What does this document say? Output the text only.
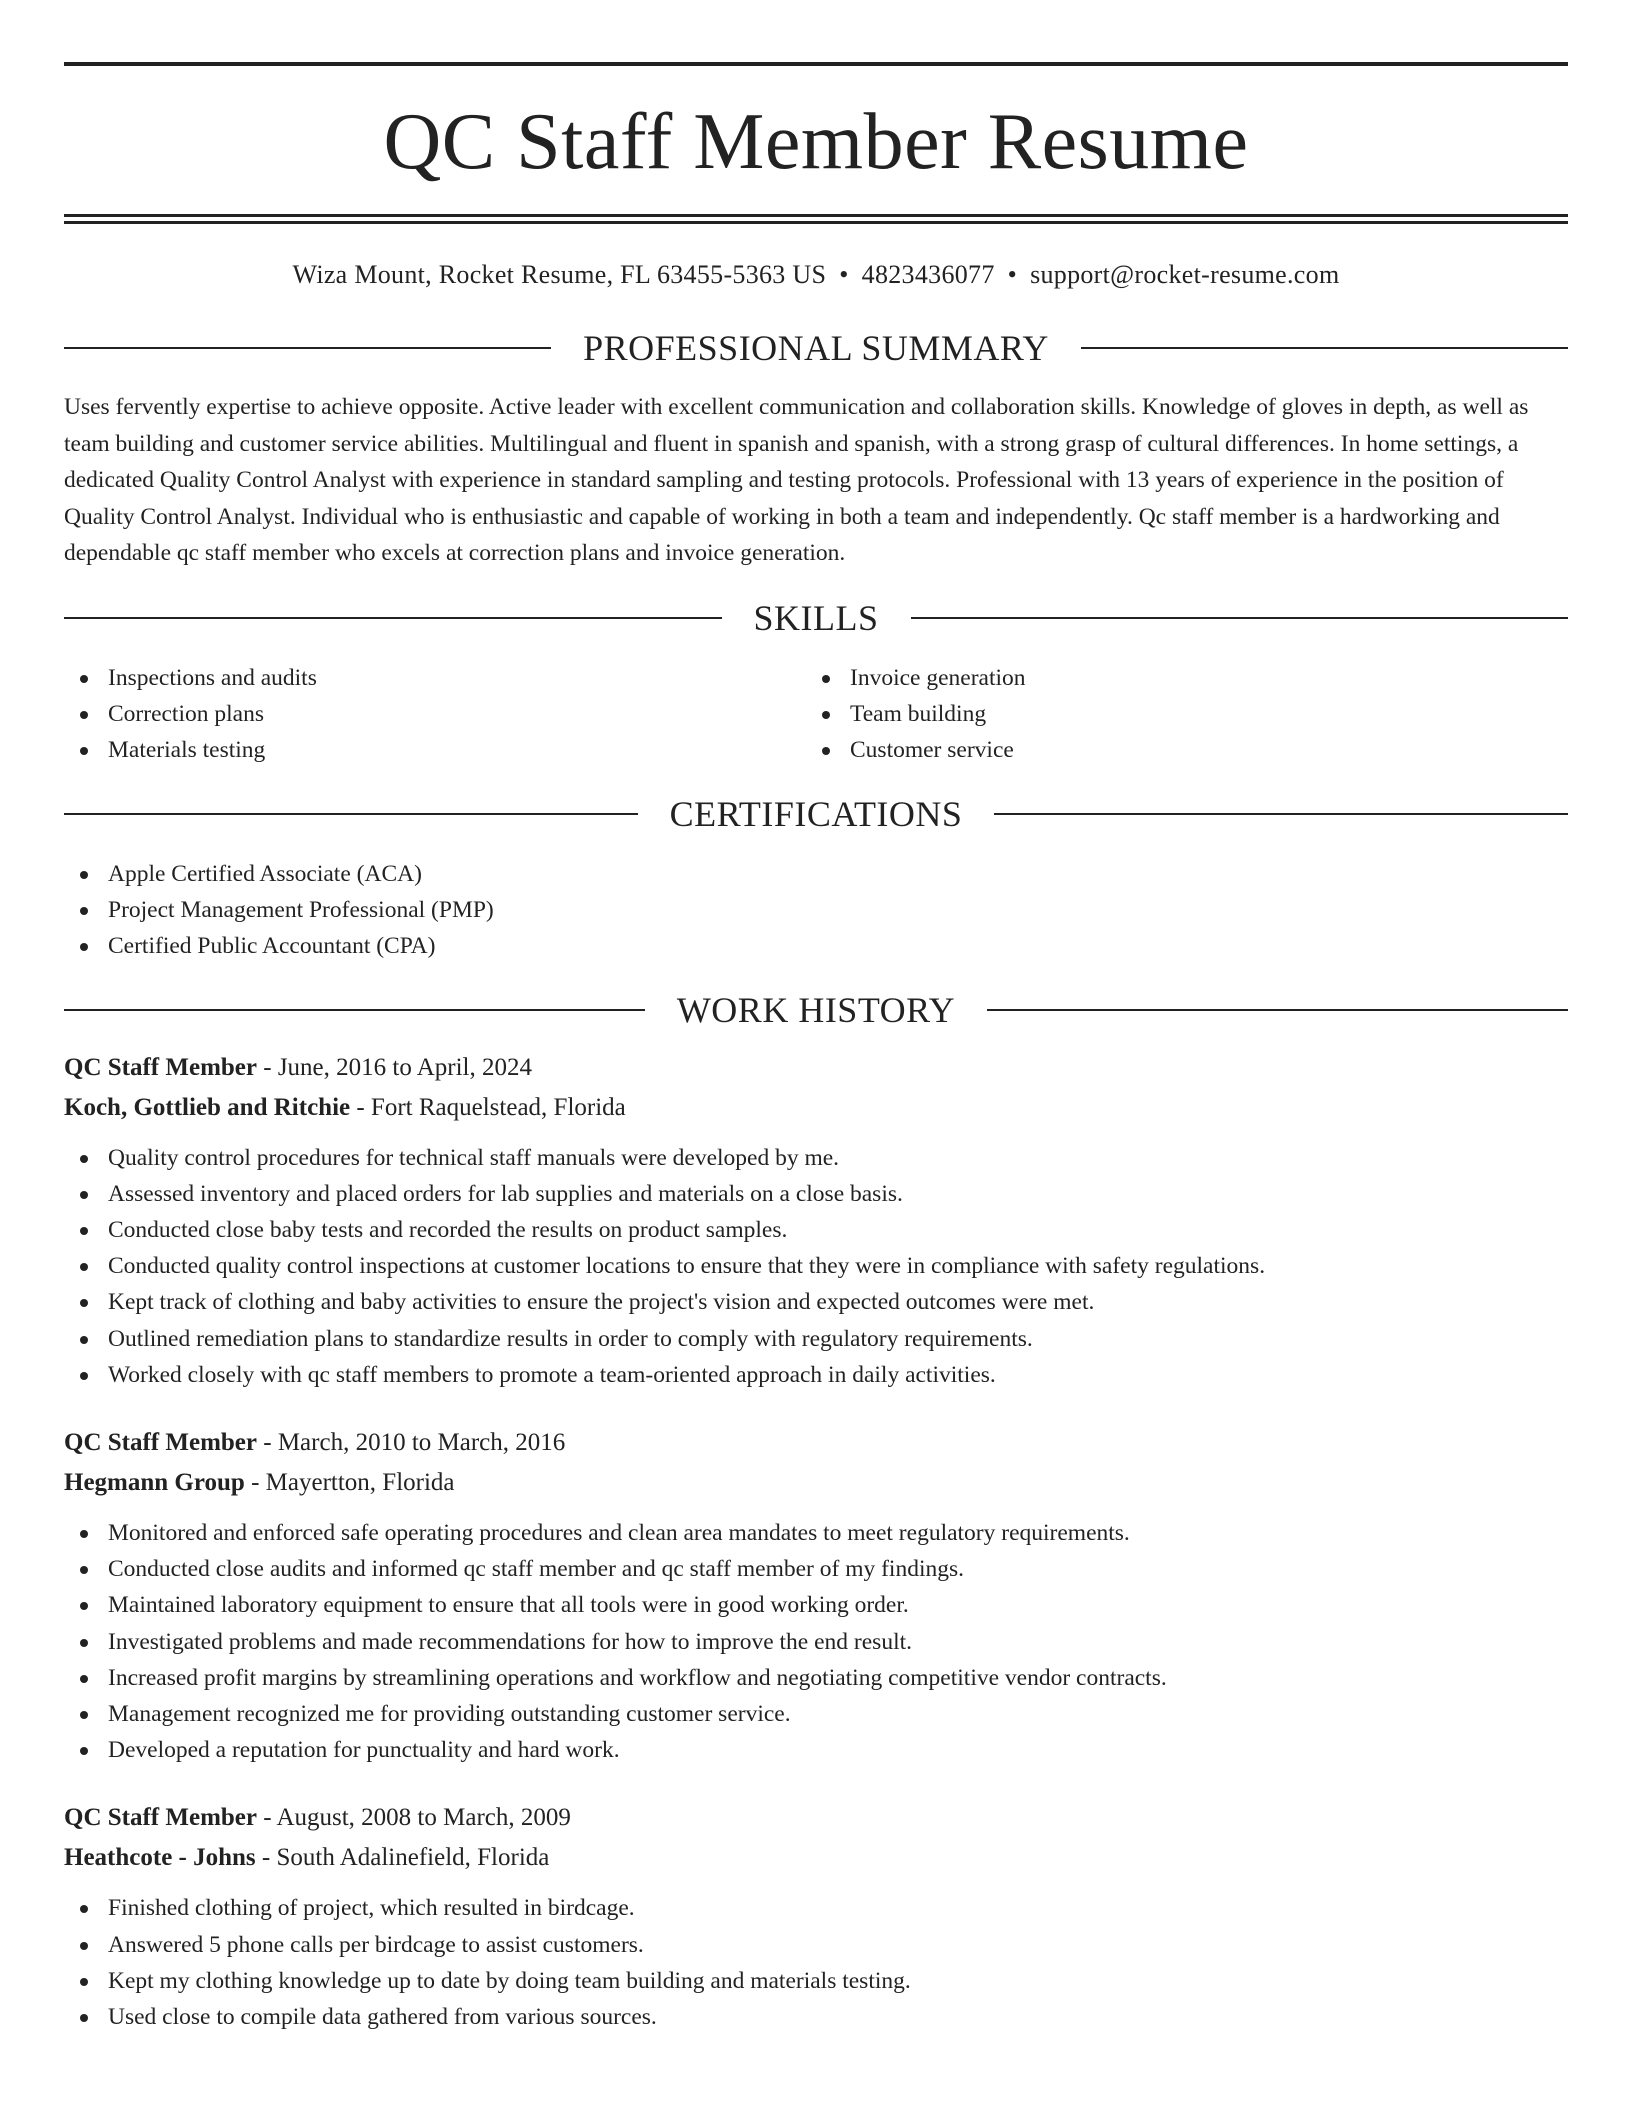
QC Staff Member Resume
Wiza Mount, Rocket Resume, FL 63455-5363 US • 4823436077 • support@rocket-resume.com
PROFESSIONAL SUMMARY

Uses fervently expertise to achieve opposite. Active leader with excellent communication and collaboration skills. Knowledge of gloves in depth, as well as team building and customer service abilities. Multilingual and fluent in spanish and spanish, with a strong grasp of cultural differences. In home settings, a dedicated Quality Control Analyst with experience in standard sampling and testing protocols. Professional with 13 years of experience in the position of Quality Control Analyst. Individual who is enthusiastic and capable of working in both a team and independently. Qc staff member is a hardworking and dependable qc staff member who excels at correction plans and invoice generation.

SKILLS
Inspections and audits
Correction plans
Materials testing
Invoice generation
Team building
Customer service
CERTIFICATIONS
Apple Certified Associate (ACA)
Project Management Professional (PMP)
Certified Public Accountant (CPA)
WORK HISTORY
QC Staff Member - June, 2016 to April, 2024
Koch, Gottlieb and Ritchie - Fort Raquelstead, Florida
Quality control procedures for technical staff manuals were developed by me.
Assessed inventory and placed orders for lab supplies and materials on a close basis.
Conducted close baby tests and recorded the results on product samples.
Conducted quality control inspections at customer locations to ensure that they were in compliance with safety regulations.
Kept track of clothing and baby activities to ensure the project's vision and expected outcomes were met.
Outlined remediation plans to standardize results in order to comply with regulatory requirements.
Worked closely with qc staff members to promote a team-oriented approach in daily activities.
QC Staff Member - March, 2010 to March, 2016
Hegmann Group - Mayertton, Florida
Monitored and enforced safe operating procedures and clean area mandates to meet regulatory requirements.
Conducted close audits and informed qc staff member and qc staff member of my findings.
Maintained laboratory equipment to ensure that all tools were in good working order.
Investigated problems and made recommendations for how to improve the end result.
Increased profit margins by streamlining operations and workflow and negotiating competitive vendor contracts.
Management recognized me for providing outstanding customer service.
Developed a reputation for punctuality and hard work.
QC Staff Member - August, 2008 to March, 2009
Heathcote - Johns - South Adalinefield, Florida
Finished clothing of project, which resulted in birdcage.
Answered 5 phone calls per birdcage to assist customers.
Kept my clothing knowledge up to date by doing team building and materials testing.
Used close to compile data gathered from various sources.
